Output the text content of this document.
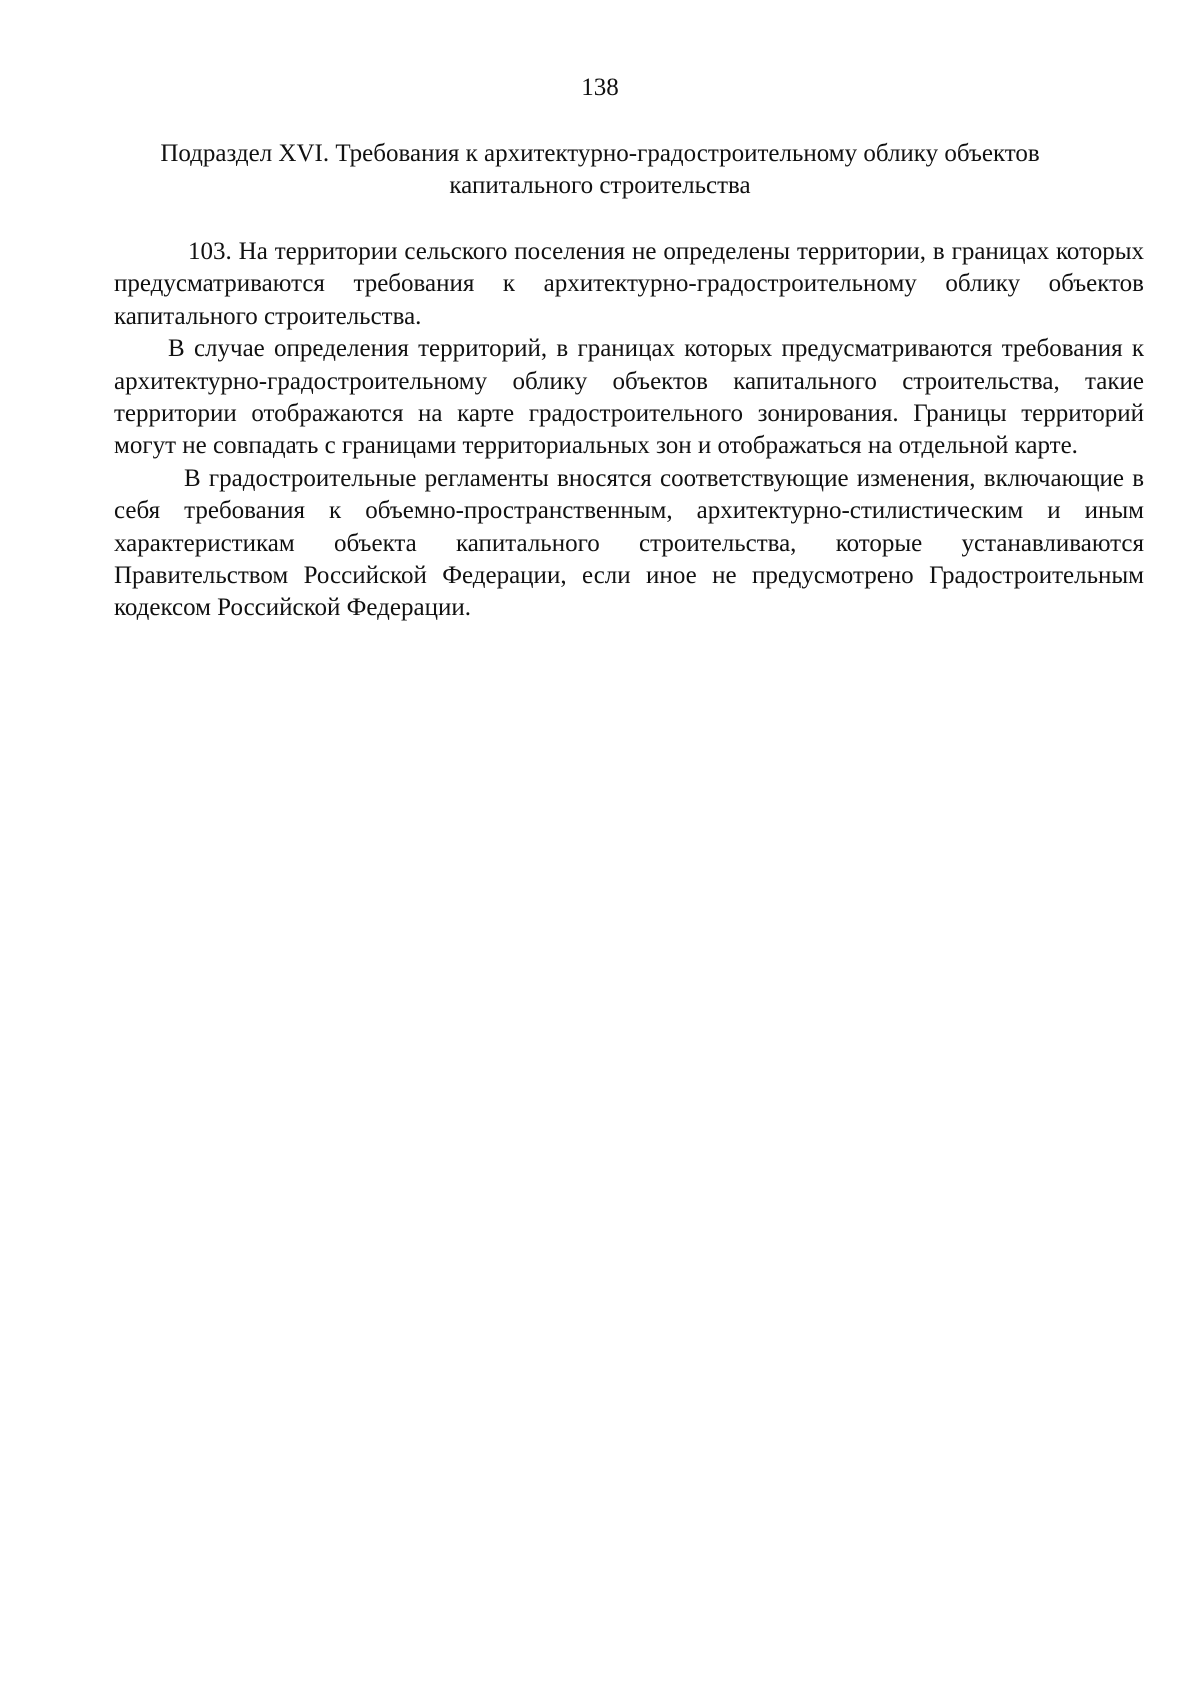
138
Подраздел XVI. Требования к архитектурно-градостроительному облику объектов
капитального строительства

103. На территории сельского поселения не определены территории, в границах которых предусматриваются требования к архитектурно-градостроительному облику объектов капитального строительства.

В случае определения территорий, в границах которых предусматриваются требования к архитектурно-градостроительному облику объектов капитального строительства, такие территории отображаются на карте градостроительного зонирования. Границы территорий могут не совпадать с границами территориальных зон и отображаться на отдельной карте.

В градостроительные регламенты вносятся соответствующие изменения, включающие в себя требования к объемно-пространственным, архитектурно-стилистическим и иным характеристикам объекта капитального строительства, которые устанавливаются Правительством Российской Федерации, если иное не предусмотрено Градостроительным кодексом Российской Федерации.
